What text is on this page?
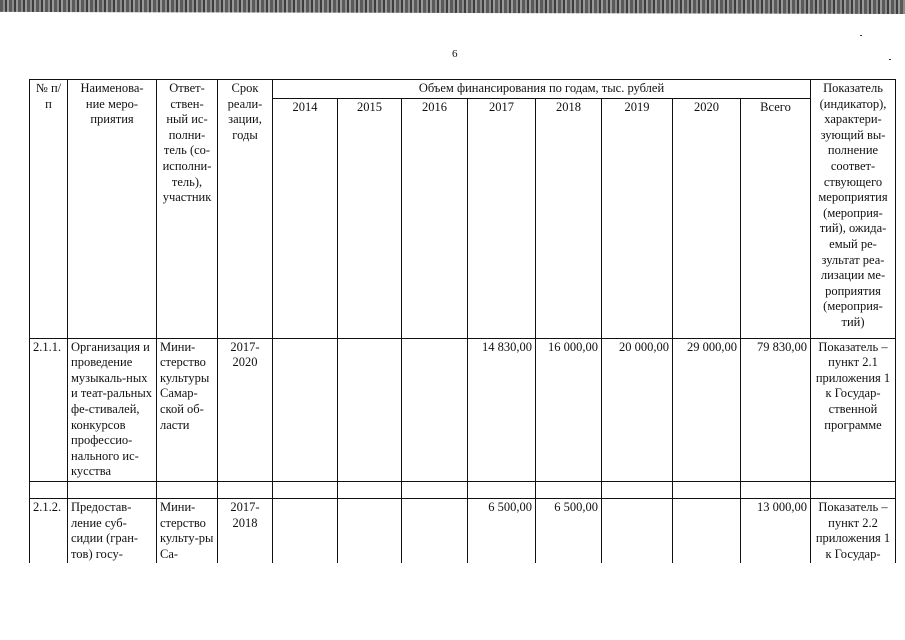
6
№ п/п	Наименова-ние меро-приятия	Ответ-ствен-ный ис-полни-тель (со-исполни-тель), участник	Срок реали-зации, годы	Объем финансирования по годам, тыс. рублей								Показатель (индикатор), характери-зующий вы-полнение соответ-ствующего мероприятия (мероприя-тий), ожида-емый ре-зультат реа-лизации ме-роприятия (мероприя-тий)
				2014	2015	2016	2017	2018	2019	2020	Всего	
2.1.1.	Организация и проведение музыкаль-ных и теат-ральных фе-стивалей, конкурсов профессио-нального ис-кусства	Мини-стерство культуры Самар-ской об-ласти	2017-2020				14 830,00	16 000,00	20 000,00	29 000,00	79 830,00	Показатель – пункт 2.1 приложения 1 к Государ-ственной программе

2.1.2.	Предостав-ление суб-сидии (гран-тов) госу-	Мини-стерство культу-ры Са-	2017-2018				6 500,00	6 500,00			13 000,00	Показатель – пункт 2.2 приложения 1 к Государ-
